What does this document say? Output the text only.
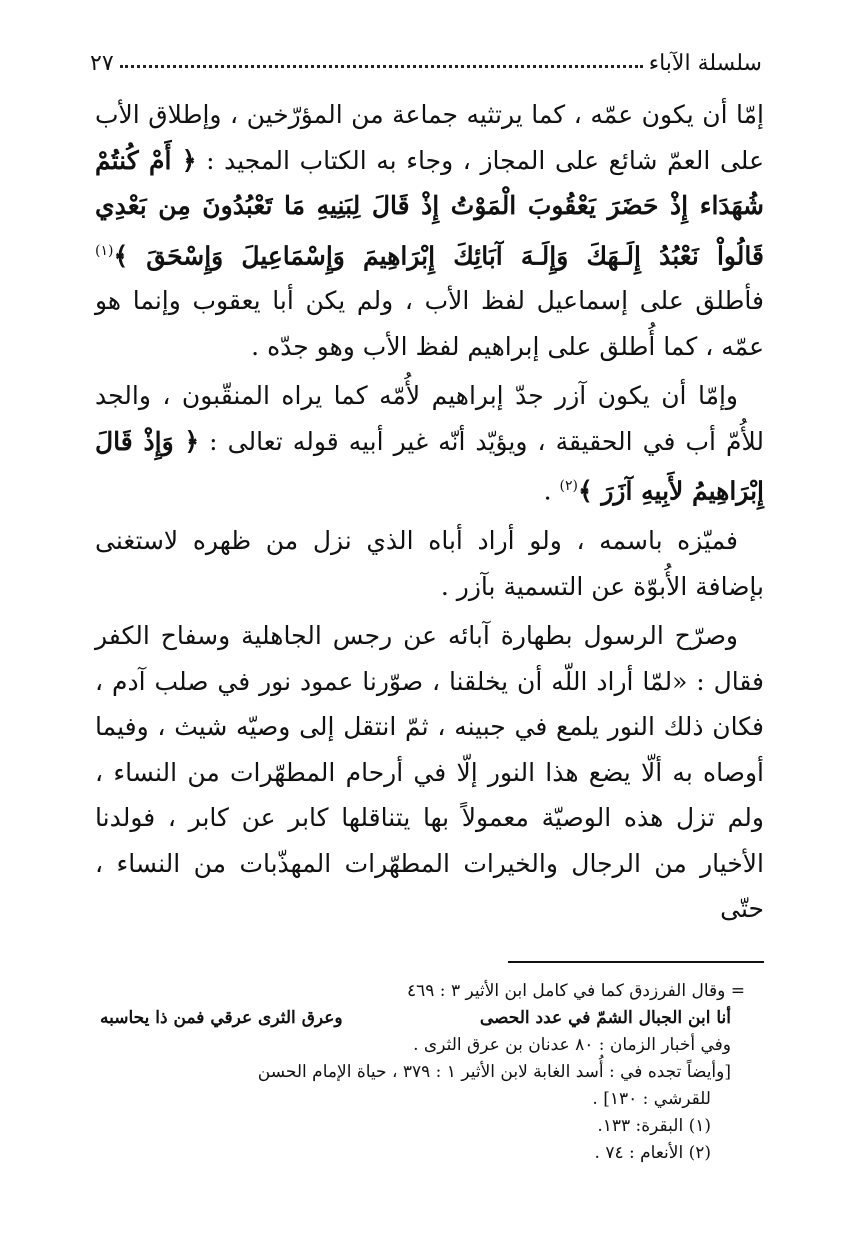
سلسلة الآباء
٢٧

إمّا أن يكون عمّه ، كما يرتثيه جماعة من المؤرّخين ، وإطلاق الأب على العمّ شائع على المجاز ، وجاء به الكتاب المجيد : ﴿ أَمْ كُنتُمْ شُهَدَاء إِذْ حَضَرَ يَعْقُوبَ الْمَوْتُ إِذْ قَالَ لِبَنِيهِ مَا تَعْبُدُونَ مِن بَعْدِي قَالُواْ نَعْبُدُ إِلَـهَكَ وَإِلَـهَ آبَائِكَ إِبْرَاهِيمَ وَإِسْمَاعِيلَ وَإِسْحَقَ ﴾$^{(١)}$ فأطلق على إسماعيل لفظ الأب ، ولم يكن أبا يعقوب وإنما هو عمّه ، كما أُطلق على إبراهيم لفظ الأب وهو جدّه .

وإمّا أن يكون آزر جدّ إبراهيم لأُمّه كما يراه المنقّبون ، والجد للأُمّ أب في الحقيقة ، ويؤيّد أنّه غير أبيه قوله تعالى : ﴿ وَإِذْ قَالَ إِبْرَاهِيمُ لأَبِيهِ آزَرَ ﴾$^{(٢)}$ .

فميّزه باسمه ، ولو أراد أباه الذي نزل من ظهره لاستغنى بإضافة الأُبوّة عن التسمية بآزر .

وصرّح الرسول بطهارة آبائه عن رجس الجاهلية وسفاح الكفر فقال : «لمّا أراد اللّه أن يخلقنا ، صوّرنا عمود نور في صلب آدم ، فكان ذلك النور يلمع في جبينه ، ثمّ انتقل إلى وصيّه شيث ، وفيما أوصاه به ألّا يضع هذا النور إلّا في أرحام المطهّرات من النساء ، ولم تزل هذه الوصيّة معمولاً بها يتناقلها كابر عن كابر ، فولدنا الأخيار من الرجال والخيرات المطهّرات المهذّبات من النساء ، حتّى

= وقال الفرزدق كما في كامل ابن الأثير ٣ : ٤٦٩

أنا ابن الجبال الشمّ في عدد الحصى
وعرق الثرى عرقي فمن ذا يحاسبه

وفي أخبار الزمان : ٨٠ عدنان بن عرق الثرى .

[وأيضاً تجده في : أُسد الغابة لابن الأثير ١ : ٣٧٩ ، حياة الإمام الحسن

للقرشي : ١٣٠] .

(١) البقرة: ١٣٣.

(٢) الأنعام : ٧٤ .
